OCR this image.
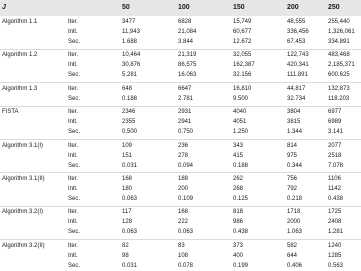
J	50	100	150	200	250
Algorithm 1.1	Iter.	3477	6828	15,749	48,555	255,440
Inlt.	11,943	21,084	60,677	336,456	1,326,061
Sec.	1.688	3.844	12.672	67.453	334.891
Algorithm 1.2	Iter.	10,464	21,319	32,055	122,743	483,468
Inlt.	30,876	86,575	162,387	420,341	2,185,371
Sec.	5.281	16.063	32.156	111.891	600.625
Algorithm 1.3	Iter.	648	6647	16,810	44,817	132,873
Sec.	0.188	2.781	9.500	32.734	118.203
FISTA	Iter.	2346	2931	4040	3804	6977
Inlt.	2355	2941	4051	3815	6989
Sec.	0.500	0.750	1.250	1.344	3.141
Algorithm 3.1(I)	Iter.	109	236	343	814	2077
Inlt.	151	278	415	975	2518
Sec.	0.031	0.094	0.188	0.344	7.078
Algorithm 3.1(II)	Iter.	168	188	262	756	1106
Inlt.	180	200	268	792	1142
Sec.	0.063	0.109	0.125	0.218	0.438
Algorithm 3.2(I)	Iter.	117	168	818	1718	1725
Inlt.	128	222	986	2000	2408
Sec.	0.063	0.063	0.438	1.063	1.281
Algorithm 3.2(II)	Iter.	82	83	373	582	1240
Inlt.	98	108	400	644	1285
Sec.	0.031	0.078	0.199	0.406	0.563
